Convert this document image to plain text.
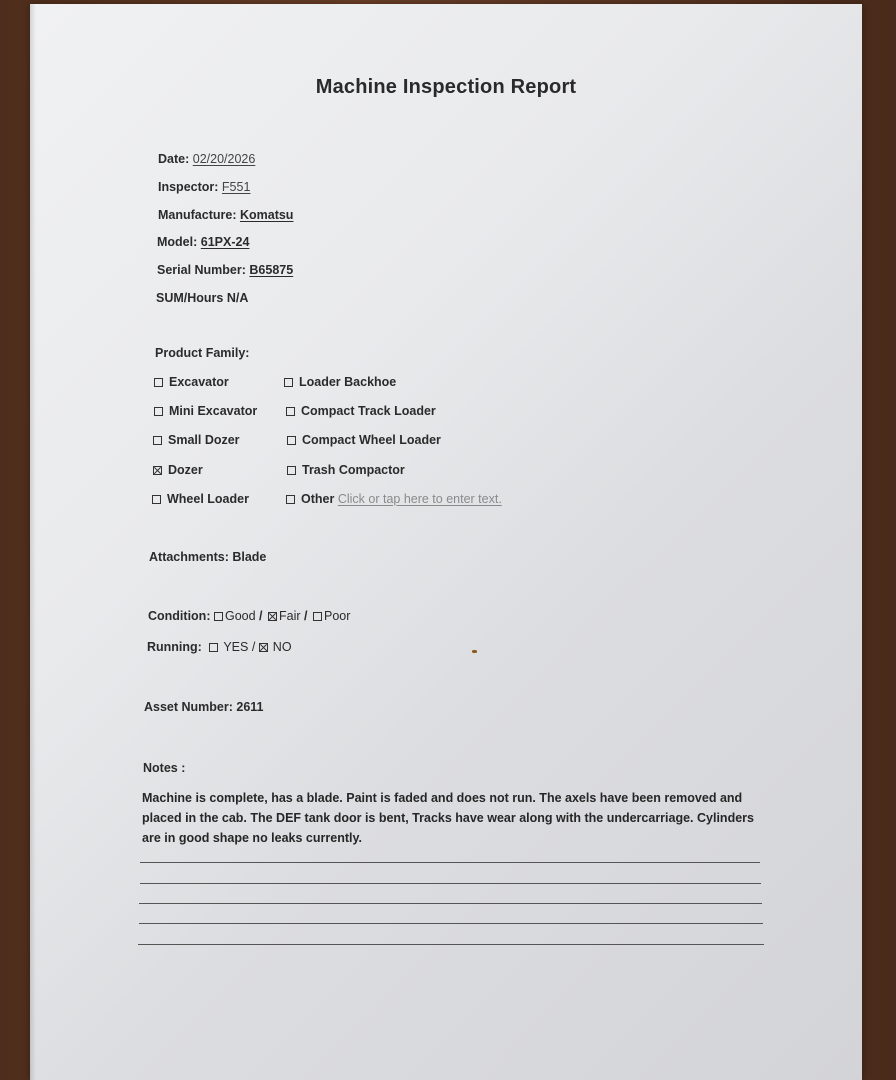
Machine Inspection Report
Date: 02/20/2026
Inspector: F551
Manufacture: Komatsu
Model: 61PX-24
Serial Number: B65875
SUM/Hours N/A
Product Family:
Excavator	Loader Backhoe
Mini Excavator	Compact Track Loader
Small Dozer	Compact Wheel Loader
Dozer	Trash Compactor
Wheel Loader	Other Click or tap here to enter text.
Attachments: Blade
Condition: Good / Fair / Poor
Running: YES / NO
Asset Number: 2611
Notes :
Machine is complete, has a blade. Paint is faded and does not run. The axels have been removed and placed in the cab. The DEF tank door is bent, Tracks have wear along with the undercarriage. Cylinders are in good shape no leaks currently.
